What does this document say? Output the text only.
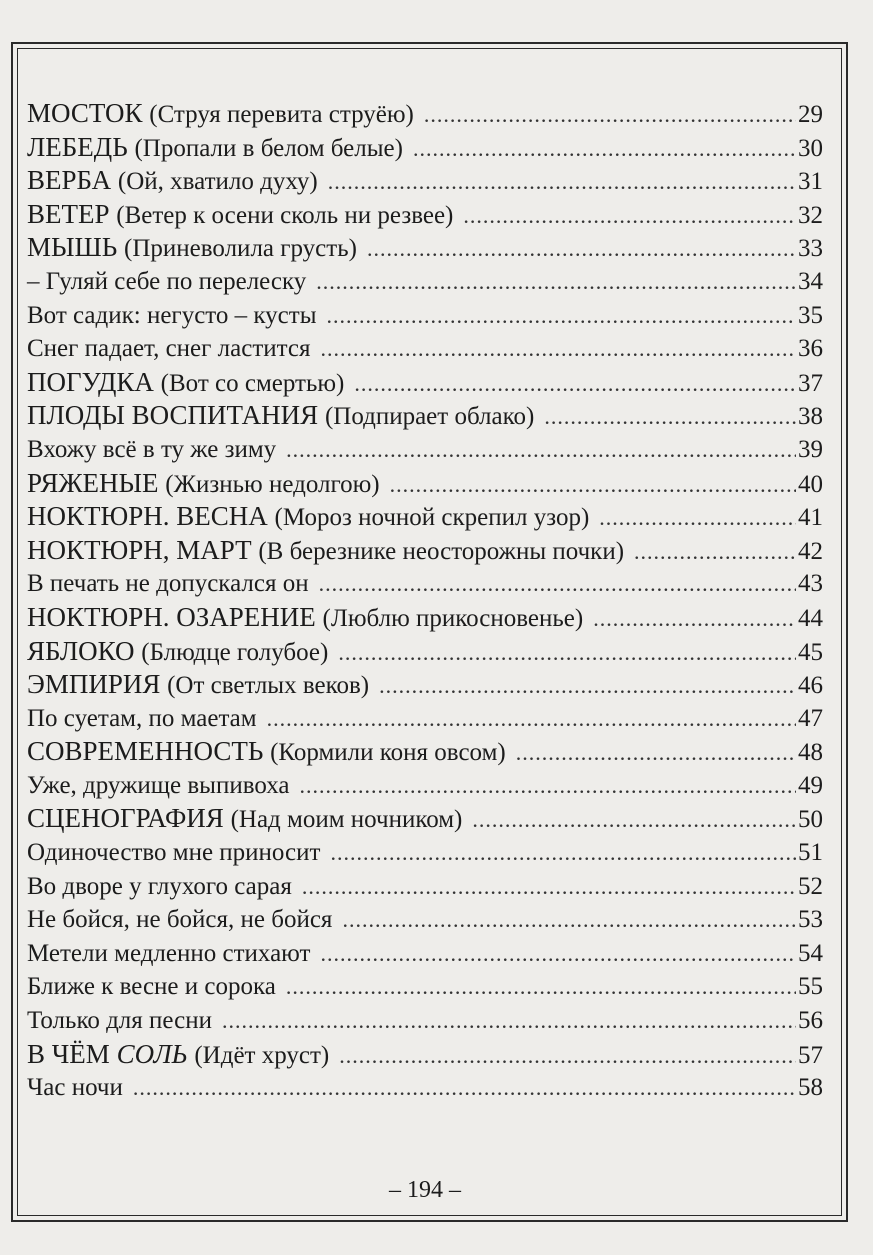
МОСТОК (Струя перевита струёю) .....	29
ЛЕБЕДЬ (Пропали в белом белые) .....	30
ВЕРБА (Ой, хватило духу) .....	31
ВЕТЕР (Ветер к осени сколь ни резвее) .....	32
МЫШЬ (Приневолила грусть) .....	33
– Гуляй себе по перелеску .....	34
Вот садик: негусто – кусты .....	35
Снег падает, снег ластится .....	36
ПОГУДКА (Вот со смертью) .....	37
ПЛОДЫ ВОСПИТАНИЯ (Подпирает облако) .....	38
Вхожу всё в ту же зиму .....	39
РЯЖЕНЫЕ (Жизнью недолгою) .....	40
НОКТЮРН. ВЕСНА (Мороз ночной скрепил узор) .....	41
НОКТЮРН, МАРТ (В березнике неосторожны почки) .....	42
В печать не допускался он .....	43
НОКТЮРН. ОЗАРЕНИЕ (Люблю прикосновенье) .....	44
ЯБЛОКО (Блюдце голубое) .....	45
ЭМПИРИЯ (От светлых веков) .....	46
По суетам, по маетам .....	47
СОВРЕМЕННОСТЬ (Кормили коня овсом) .....	48
Уже, дружище выпивоха .....	49
СЦЕНОГРАФИЯ (Над моим ночником) .....	50
Одиночество мне приносит .....	51
Во дворе у глухого сарая .....	52
Не бойся, не бойся, не бойся .....	53
Метели медленно стихают .....	54
Ближе к весне и сорока .....	55
Только для песни .....	56
В ЧЁМ СОЛЬ (Идёт хруст) .....	57
Час ночи .....	58
– 194 –
